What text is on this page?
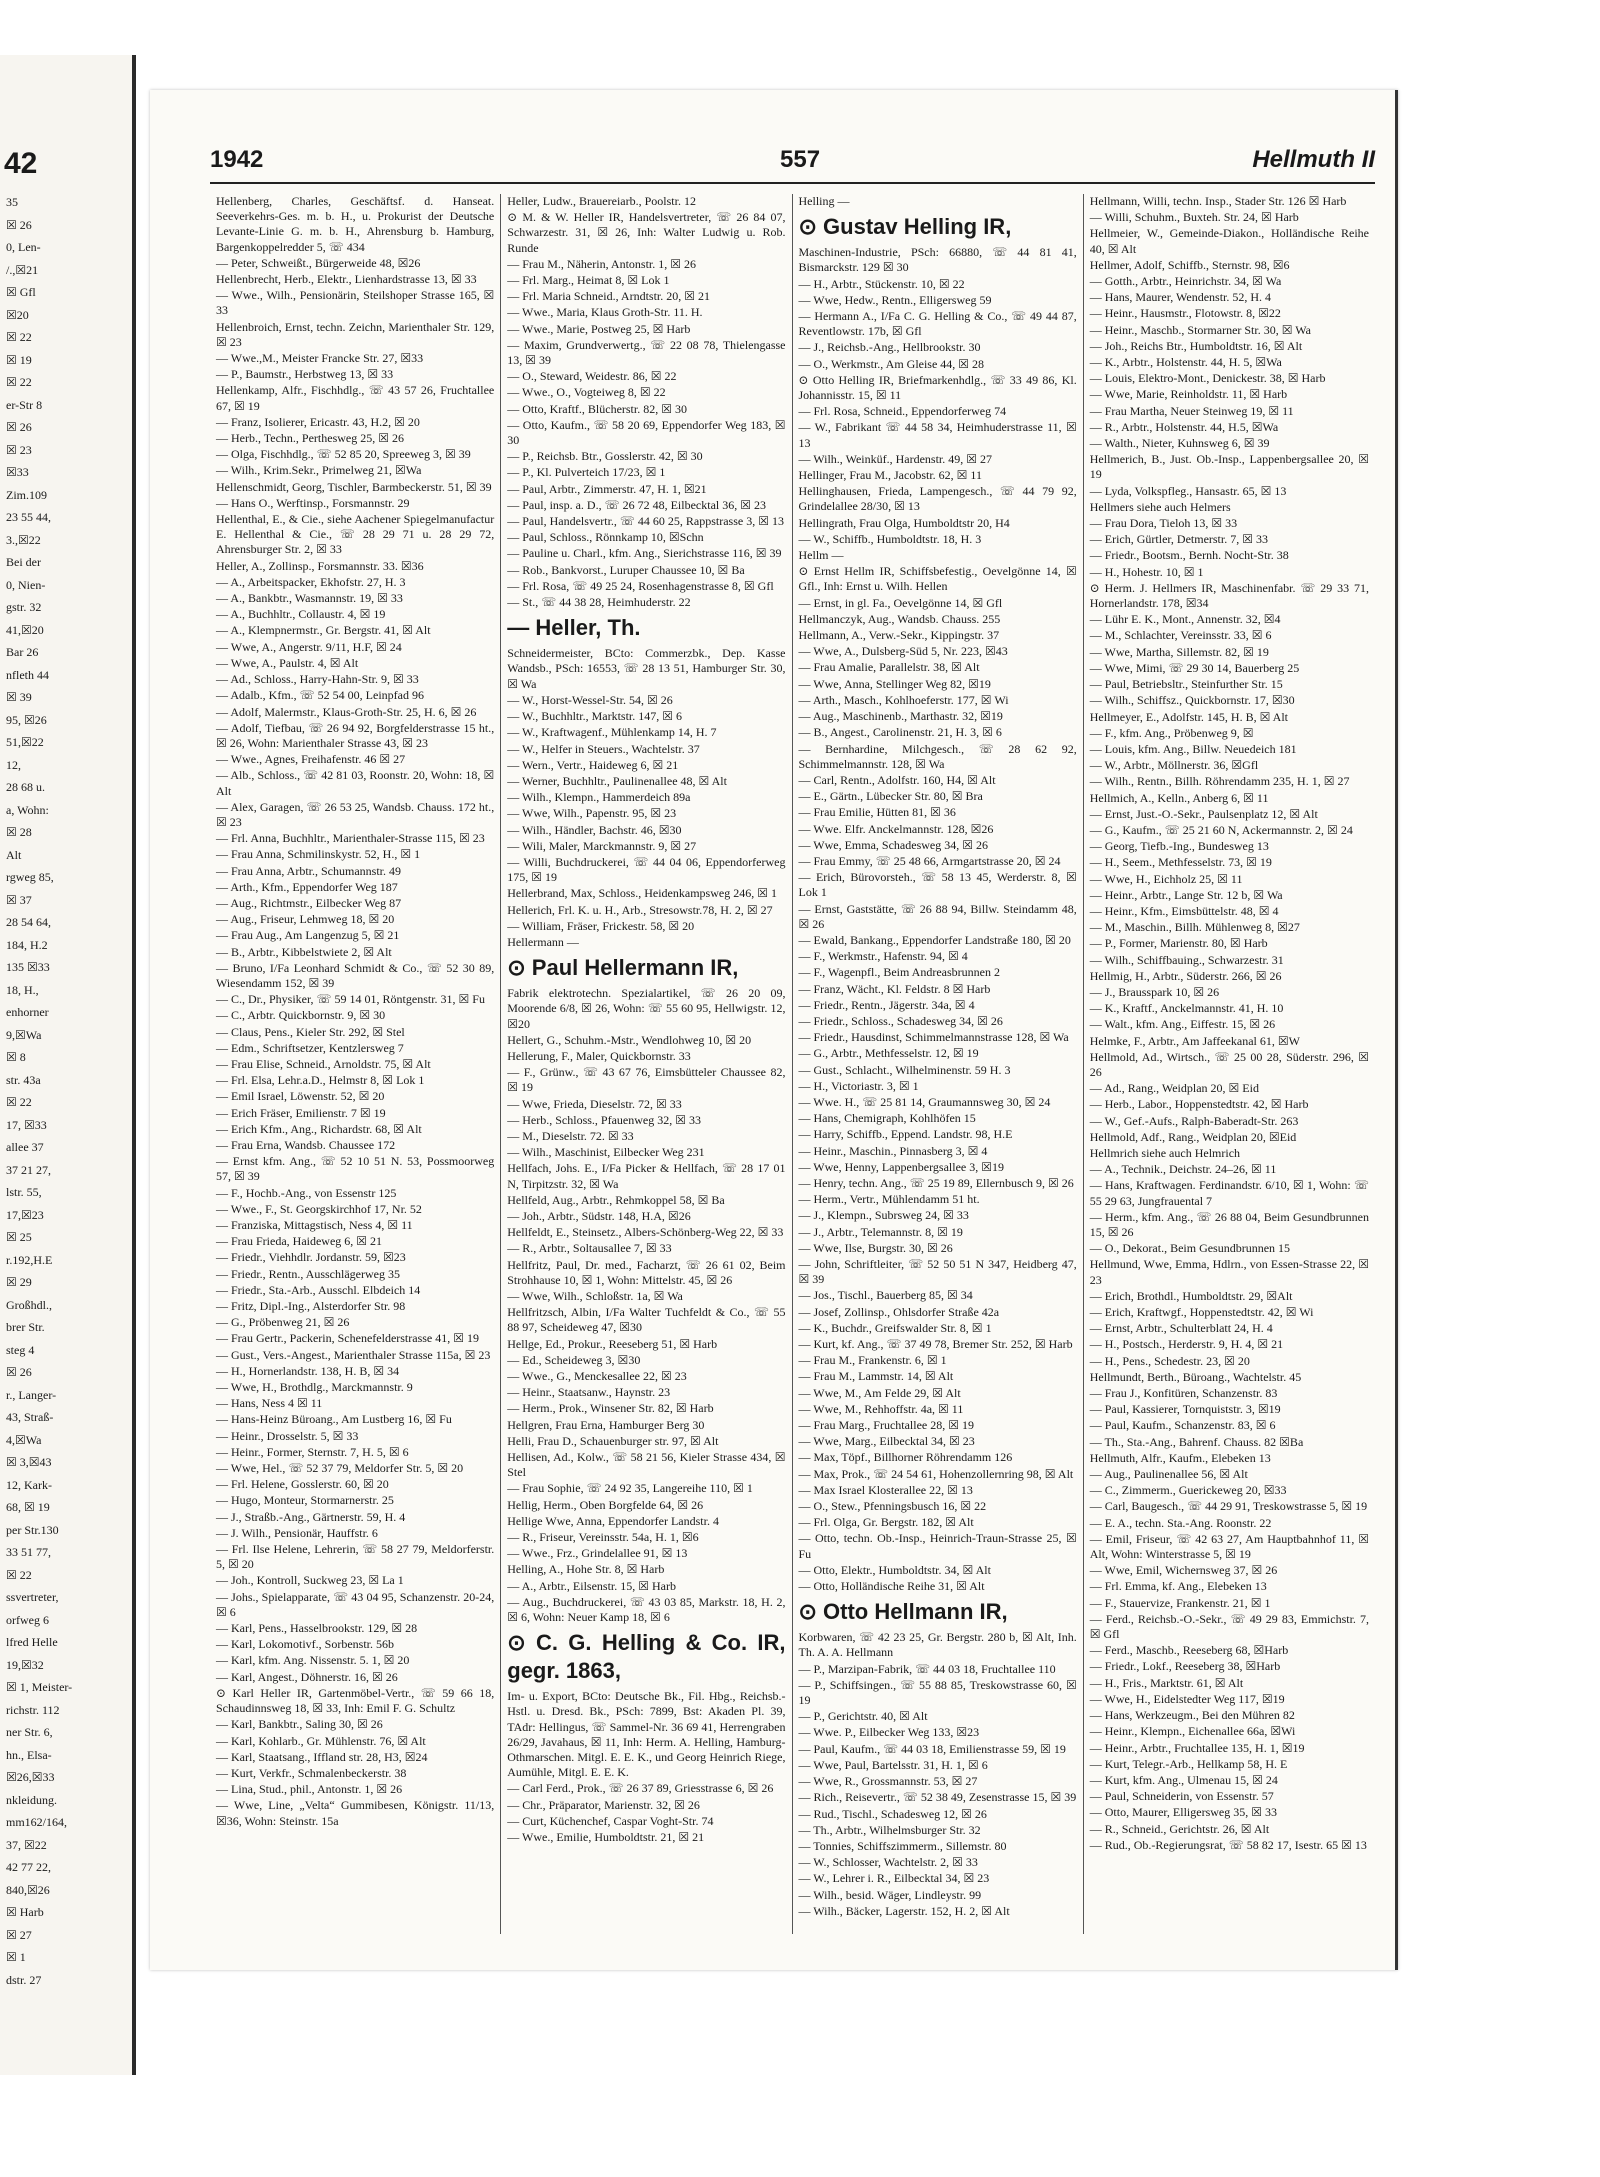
42
35
☒ 26
0, Len-
/.,☒21
☒ Gfl
☒20
☒ 22
☒ 19
☒ 22
er-Str 8
☒ 26
☒ 23
☒33
Zim.109
23 55 44,
3.,☒22
Bei der
0, Nien-
gstr. 32
41,☒20
Bar 26
nfleth 44
☒ 39
95, ☒26
51,☒22
12,
28 68 u.
a, Wohn:
☒ 28
Alt
rgweg 85,
☒ 37
28 54 64,
184, H.2
135 ☒33
18, H.,
enhorner
9,☒Wa
☒ 8
str. 43a
☒ 22
17, ☒33
allee 37
37 21 27,
lstr. 55,
17,☒23
☒ 25
r.192,H.E
☒ 29
Großhdl.,
brer Str.
steg 4
☒ 26
r., Langer-
43, Straß-
4,☒Wa
☒ 3,☒43
12, Kark-
68, ☒ 19
per Str.130
33 51 77,
☒ 22
ssvertreter,
orfweg 6
lfred Helle
19,☒32
☒ 1, Meister-
richstr. 112
ner Str. 6,
hn., Elsa-
☒26,☒33
nkleidung.
mm162/164,
37, ☒22
42 77 22,
840,☒26
☒ Harb
☒ 27
☒ 1
dstr. 27
1942	557	Hellmuth II

Hellenberg, Charles, Geschäftsf. d. Hanseat. Seeverkehrs-Ges. m. b. H., u. Prokurist der Deutsche Levante-Linie G. m. b. H., Ahrensburg b. Hamburg, Bargenkoppelredder 5, ☏ 434

— Peter, Schweißt., Bürgerweide 48, ☒26

Hellenbrecht, Herb., Elektr., Lienhardstrasse 13, ☒ 33

— Wwe., Wilh., Pensionärin, Steilshoper Strasse 165, ☒ 33

Hellenbroich, Ernst, techn. Zeichn, Marienthaler Str. 129, ☒ 23

— Wwe.,M., Meister Francke Str. 27, ☒33

— P., Baumstr., Herbstweg 13, ☒ 33

Hellenkamp, Alfr., Fischhdlg., ☏ 43 57 26, Fruchtallee 67, ☒ 19

— Franz, Isolierer, Ericastr. 43, H.2, ☒ 20

— Herb., Techn., Perthesweg 25, ☒ 26

— Olga, Fischhdlg., ☏ 52 85 20, Spreeweg 3, ☒ 39

— Wilh., Krim.Sekr., Primelweg 21, ☒Wa

Hellenschmidt, Georg, Tischler, Barmbeckerstr. 51, ☒ 39

— Hans O., Werftinsp., Forsmannstr. 29

Hellenthal, E., & Cie., siehe Aachener Spiegelmanufactur E. Hellenthal & Cie., ☏ 28 29 71 u. 28 29 72, Ahrensburger Str. 2, ☒ 33

Heller, A., Zollinsp., Forsmannstr. 33. ☒36

— A., Arbeitspacker, Ekhofstr. 27, H. 3

— A., Bankbtr., Wasmannstr. 19, ☒ 33

— A., Buchhltr., Collaustr. 4, ☒ 19

— A., Klempnermstr., Gr. Bergstr. 41, ☒ Alt

— Wwe, A., Angerstr. 9/11, H.F, ☒ 24

— Wwe, A., Paulstr. 4, ☒ Alt

— Ad., Schloss., Harry-Hahn-Str. 9, ☒ 33

— Adalb., Kfm., ☏ 52 54 00, Leinpfad 96

— Adolf, Malermstr., Klaus-Groth-Str. 25, H. 6, ☒ 26

— Adolf, Tiefbau, ☏ 26 94 92, Borgfelderstrasse 15 ht., ☒ 26, Wohn: Marienthaler Strasse 43, ☒ 23

— Wwe., Agnes, Freihafenstr. 46 ☒ 27

— Alb., Schloss., ☏ 42 81 03, Roonstr. 20, Wohn: 18, ☒ Alt

— Alex, Garagen, ☏ 26 53 25, Wandsb. Chauss. 172 ht., ☒ 23

— Frl. Anna, Buchhltr., Marienthaler-Strasse 115, ☒ 23

— Frau Anna, Schmilinskystr. 52, H., ☒ 1

— Frau Anna, Arbtr., Schumannstr. 49

— Arth., Kfm., Eppendorfer Weg 187

— Aug., Richtmstr., Eilbecker Weg 87

— Aug., Friseur, Lehmweg 18, ☒ 20

— Frau Aug., Am Langenzug 5, ☒ 21

— B., Arbtr., Kibbelstwiete 2, ☒ Alt

— Bruno, I/Fa Leonhard Schmidt & Co., ☏ 52 30 89, Wiesendamm 152, ☒ 39

— C., Dr., Physiker, ☏ 59 14 01, Röntgenstr. 31, ☒ Fu

— C., Arbtr. Quickbornstr. 9, ☒ 30

— Claus, Pens., Kieler Str. 292, ☒ Stel

— Edm., Schriftsetzer, Kentzlersweg 7

— Frau Elise, Schneid., Arnoldstr. 75, ☒ Alt

— Frl. Elsa, Lehr.a.D., Helmstr 8, ☒ Lok 1

— Emil Israel, Löwenstr. 52, ☒ 20

— Erich Fräser, Emilienstr. 7 ☒ 19

— Erich Kfm., Ang., Richardstr. 68, ☒ Alt

— Frau Erna, Wandsb. Chaussee 172

— Ernst kfm. Ang., ☏ 52 10 51 N. 53, Possmoorweg 57, ☒ 39

— F., Hochb.-Ang., von Essenstr 125

— Wwe., F., St. Georgskirchhof 17, Nr. 52

— Franziska, Mittagstisch, Ness 4, ☒ 11

— Frau Frieda, Haideweg 6, ☒ 21

— Friedr., Viehhdlr. Jordanstr. 59, ☒23

— Friedr., Rentn., Ausschlägerweg 35

— Friedr., Sta.-Arb., Ausschl. Elbdeich 14

— Fritz, Dipl.-Ing., Alsterdorfer Str. 98

— G., Pröbenweg 21, ☒ 26

— Frau Gertr., Packerin, Schenefelderstrasse 41, ☒ 19

— Gust., Vers.-Angest., Marienthaler Strasse 115a, ☒ 23

— H., Hornerlandstr. 138, H. B, ☒ 34

— Wwe, H., Brothdlg., Marckmannstr. 9

— Hans, Ness 4 ☒ 11

— Hans-Heinz Büroang., Am Lustberg 16, ☒ Fu

— Heinr., Drosselstr. 5, ☒ 33

— Heinr., Former, Sternstr. 7, H. 5, ☒ 6

— Wwe, Hel., ☏ 52 37 79, Meldorfer Str. 5, ☒ 20

— Frl. Helene, Gosslerstr. 60, ☒ 20

— Hugo, Monteur, Stormarnerstr. 25

— J., Straßb.-Ang., Gärtnerstr. 59, H. 4

— J. Wilh., Pensionär, Hauffstr. 6

— Frl. Ilse Helene, Lehrerin, ☏ 58 27 79, Meldorferstr. 5, ☒ 20

— Joh., Kontroll, Suckweg 23, ☒ La 1

— Johs., Spielapparate, ☏ 43 04 95, Schanzenstr. 20-24, ☒ 6

— Karl, Pens., Hasselbrookstr. 129, ☒ 28

— Karl, Lokomotivf., Sorbenstr. 56b

— Karl, kfm. Ang. Nissenstr. 5. 1, ☒ 20

— Karl, Angest., Döhnerstr. 16, ☒ 26

⊙ Karl Heller IR, Gartenmöbel-Vertr., ☏ 59 66 18, Schaudinnsweg 18, ☒ 33, Inh: Emil F. G. Schultz

— Karl, Bankbtr., Saling 30, ☒ 26

— Karl, Kohlarb., Gr. Mühlenstr. 76, ☒ Alt

— Karl, Staatsang., Iffland str. 28, H3, ☒24

— Kurt, Verkfr., Schmalenbeckerstr. 38

— Lina, Stud., phil., Antonstr. 1, ☒ 26

— Wwe, Line, „Velta“ Gummibesen, Königstr. 11/13, ☒36, Wohn: Steinstr. 15a

Heller, Ludw., Brauereiarb., Poolstr. 12

⊙ M. & W. Heller IR, Handelsvertreter, ☏ 26 84 07, Schwarzestr. 31, ☒ 26, Inh: Walter Ludwig u. Rob. Runde

— Frau M., Näherin, Antonstr. 1, ☒ 26

— Frl. Marg., Heimat 8, ☒ Lok 1

— Frl. Maria Schneid., Arndtstr. 20, ☒ 21

— Wwe., Maria, Klaus Groth-Str. 11. H.

— Wwe., Marie, Postweg 25, ☒ Harb

— Maxim, Grundverwertg., ☏ 22 08 78, Thielengasse 13, ☒ 39

— O., Steward, Weidestr. 86, ☒ 22

— Wwe., O., Vogteiweg 8, ☒ 22

— Otto, Kraftf., Blücherstr. 82, ☒ 30

— Otto, Kaufm., ☏ 58 20 69, Eppendorfer Weg 183, ☒ 30

— P., Reichsb. Btr., Gosslerstr. 42, ☒ 30

— P., Kl. Pulverteich 17/23, ☒ 1

— Paul, Arbtr., Zimmerstr. 47, H. 1, ☒21

— Paul, insp. a. D., ☏ 26 72 48, Eilbecktal 36, ☒ 23

— Paul, Handelsvertr., ☏ 44 60 25, Rappstrasse 3, ☒ 13

— Paul, Schloss., Rönnkamp 10, ☒Schn

— Pauline u. Charl., kfm. Ang., Sierichstrasse 116, ☒ 39

— Rob., Bankvorst., Luruper Chaussee 10, ☒ Ba

— Frl. Rosa, ☏ 49 25 24, Rosenhagenstrasse 8, ☒ Gfl

— St., ☏ 44 38 28, Heimhuderstr. 22

— Heller, Th.

Schneidermeister, BCto: Commerzbk., Dep. Kasse Wandsb., PSch: 16553, ☏ 28 13 51, Hamburger Str. 30, ☒ Wa

— W., Horst-Wessel-Str. 54, ☒ 26

— W., Buchhltr., Marktstr. 147, ☒ 6

— W., Kraftwagenf., Mühlenkamp 14, H. 7

— W., Helfer in Steuers., Wachtelstr. 37

— Wern., Vertr., Haideweg 6, ☒ 21

— Werner, Buchhltr., Paulinenallee 48, ☒ Alt

— Wilh., Klempn., Hammerdeich 89a

— Wwe, Wilh., Papenstr. 95, ☒ 23

— Wilh., Händler, Bachstr. 46, ☒30

— Wili, Maler, Marckmannstr. 9, ☒ 27

— Willi, Buchdruckerei, ☏ 44 04 06, Eppendorferweg 175, ☒ 19

Hellerbrand, Max, Schloss., Heidenkampsweg 246, ☒ 1

Hellerich, Frl. K. u. H., Arb., Stresowstr.78, H. 2, ☒ 27

— William, Fräser, Frickestr. 58, ☒ 20

Hellermann —

⊙ Paul Hellermann IR,

Fabrik elektrotechn. Spezialartikel, ☏ 26 20 09, Moorende 6/8, ☒ 26, Wohn: ☏ 55 60 95, Hellwigstr. 12, ☒20

Hellert, G., Schuhm.-Mstr., Wendlohweg 10, ☒ 20

Hellerung, F., Maler, Quickbornstr. 33

— F., Grünw., ☏ 43 67 76, Eimsbütteler Chaussee 82, ☒ 19

— Wwe, Frieda, Dieselstr. 72, ☒ 33

— Herb., Schloss., Pfauenweg 32, ☒ 33

— M., Dieselstr. 72. ☒ 33

— Wilh., Maschinist, Eilbecker Weg 231

Hellfach, Johs. E., I/Fa Picker & Hellfach, ☏ 28 17 01 N, Tirpitzstr. 32, ☒ Wa

Hellfeld, Aug., Arbtr., Rehmkoppel 58, ☒ Ba

— Joh., Arbtr., Südstr. 148, H.A, ☒26

Hellfeldt, E., Steinsetz., Albers-Schönberg-Weg 22, ☒ 33

— R., Arbtr., Soltausallee 7, ☒ 33

Hellfritz, Paul, Dr. med., Facharzt, ☏ 26 61 02, Beim Strohhause 10, ☒ 1, Wohn: Mittelstr. 45, ☒ 26

— Wwe, Wilh., Schloßstr. 1a, ☒ Wa

Hellfritzsch, Albin, I/Fa Walter Tuchfeldt & Co., ☏ 55 88 97, Scheideweg 47, ☒30

Hellge, Ed., Prokur., Reeseberg 51, ☒ Harb

— Ed., Scheideweg 3, ☒30

— Wwe., G., Menckesallee 22, ☒ 23

— Heinr., Staatsanw., Haynstr. 23

— Herm., Prok., Winsener Str. 82, ☒ Harb

Hellgren, Frau Erna, Hamburger Berg 30

Helli, Frau D., Schauenburger str. 97, ☒ Alt

Hellisen, Ad., Kolw., ☏ 58 21 56, Kieler Strasse 434, ☒ Stel

— Frau Sophie, ☏ 24 92 35, Langereihe 110, ☒ 1

Hellig, Herm., Oben Borgfelde 64, ☒ 26

Hellige Wwe, Anna, Eppendorfer Landstr. 4

— R., Friseur, Vereinsstr. 54a, H. 1, ☒6

— Wwe., Frz., Grindelallee 91, ☒ 13

Helling, A., Hohe Str. 8, ☒ Harb

— A., Arbtr., Eilsenstr. 15, ☒ Harb

— Aug., Buchdruckerei, ☏ 43 03 85, Markstr. 18, H. 2, ☒ 6, Wohn: Neuer Kamp 18, ☒ 6

⊙ C. G. Helling & Co. IR, gegr. 1863,

Im- u. Export, BCto: Deutsche Bk., Fil. Hbg., Reichsb.-Hstl. u. Dresd. Bk., PSch: 7899, Bst: Akaden Pl. 39, TAdr: Hellingus, ☏ Sammel-Nr. 36 69 41, Herrengraben 26/29, Javahaus, ☒ 11, Inh: Herm. A. Helling, Hamburg-Othmarschen. Mitgl. E. E. K., und Georg Heinrich Riege, Aumühle, Mitgl. E. E. K.

— Carl Ferd., Prok., ☏ 26 37 89, Griesstrasse 6, ☒ 26

— Chr., Präparator, Marienstr. 32, ☒ 26

— Curt, Küchenchef, Caspar Voght-Str. 74

— Wwe., Emilie, Humboldtstr. 21, ☒ 21

Helling —

⊙ Gustav Helling IR,

Maschinen-Industrie, PSch: 66880, ☏ 44 81 41, Bismarckstr. 129 ☒ 30

— H., Arbtr., Stückenstr. 10, ☒ 22

— Wwe, Hedw., Rentn., Elligersweg 59

— Hermann A., I/Fa C. G. Helling & Co., ☏ 49 44 87, Reventlowstr. 17b, ☒ Gfl

— J., Reichsb.-Ang., Hellbrookstr. 30

— O., Werkmstr., Am Gleise 44, ☒ 28

⊙ Otto Helling IR, Briefmarkenhdlg., ☏ 33 49 86, Kl. Johannisstr. 15, ☒ 11

— Frl. Rosa, Schneid., Eppendorferweg 74

— W., Fabrikant ☏ 44 58 34, Heimhuderstrasse 11, ☒ 13

— Wilh., Weinküf., Hardenstr. 49, ☒ 27

Hellinger, Frau M., Jacobstr. 62, ☒ 11

Hellinghausen, Frieda, Lampengesch., ☏ 44 79 92, Grindelallee 28/30, ☒ 13

Hellingrath, Frau Olga, Humboldtstr 20, H4

— W., Schiffb., Humboldtstr. 18, H. 3

Hellm —

⊙ Ernst Hellm IR, Schiffsbefestig., Oevelgönne 14, ☒ Gfl., Inh: Ernst u. Wilh. Hellen

— Ernst, in gl. Fa., Oevelgönne 14, ☒ Gfl

Hellmanczyk, Aug., Wandsb. Chauss. 255

Hellmann, A., Verw.-Sekr., Kippingstr. 37

— Wwe, A., Dulsberg-Süd 5, Nr. 223, ☒43

— Frau Amalie, Parallelstr. 38, ☒ Alt

— Wwe, Anna, Stellinger Weg 82, ☒19

— Arth., Masch., Kohlhoeferstr. 177, ☒ Wi

— Aug., Maschinenb., Marthastr. 32, ☒19

— B., Angest., Carolinenstr. 21, H. 3, ☒ 6

— Bernhardine, Milchgesch., ☏ 28 62 92, Schimmelmannstr. 128, ☒ Wa

— Carl, Rentn., Adolfstr. 160, H4, ☒ Alt

— E., Gärtn., Lübecker Str. 80, ☒ Bra

— Frau Emilie, Hütten 81, ☒ 36

— Wwe. Elfr. Anckelmannstr. 128, ☒26

— Wwe, Emma, Schadesweg 34, ☒ 26

— Frau Emmy, ☏ 25 48 66, Armgartstrasse 20, ☒ 24

— Erich, Bürovorsteh., ☏ 58 13 45, Werderstr. 8, ☒ Lok 1

— Ernst, Gaststätte, ☏ 26 88 94, Billw. Steindamm 48, ☒ 26

— Ewald, Bankang., Eppendorfer Landstraße 180, ☒ 20

— F., Werkmstr., Hafenstr. 94, ☒ 4

— F., Wagenpfl., Beim Andreasbrunnen 2

— Franz, Wächt., Kl. Feldstr. 8 ☒ Harb

— Friedr., Rentn., Jägerstr. 34a, ☒ 4

— Friedr., Schloss., Schadesweg 34, ☒ 26

— Friedr., Hausdinst, Schimmelmannstrasse 128, ☒ Wa

— G., Arbtr., Methfesselstr. 12, ☒ 19

— Gust., Schlacht., Wilhelminenstr. 59 H. 3

— H., Victoriastr. 3, ☒ 1

— Wwe. H., ☏ 25 81 14, Graumannsweg 30, ☒ 24

— Hans, Chemigraph, Kohlhöfen 15

— Harry, Schiffb., Eppend. Landstr. 98, H.E

— Heinr., Maschin., Pinnasberg 3, ☒ 4

— Wwe, Henny, Lappenbergsallee 3, ☒19

— Henry, techn. Ang., ☏ 25 19 89, Ellernbusch 9, ☒ 26

— Herm., Vertr., Mühlendamm 51 ht.

— J., Klempn., Subrsweg 24, ☒ 33

— J., Arbtr., Telemannstr. 8, ☒ 19

— Wwe, Ilse, Burgstr. 30, ☒ 26

— John, Schriftleiter, ☏ 52 50 51 N 347, Heidberg 47, ☒ 39

— Jos., Tischl., Bauerberg 85, ☒ 34

— Josef, Zollinsp., Ohlsdorfer Straße 42a

— K., Buchdr., Greifswalder Str. 8, ☒ 1

— Kurt, kf. Ang., ☏ 37 49 78, Bremer Str. 252, ☒ Harb

— Frau M., Frankenstr. 6, ☒ 1

— Frau M., Lammstr. 14, ☒ Alt

— Wwe, M., Am Felde 29, ☒ Alt

— Wwe, M., Rehhoffstr. 4a, ☒ 11

— Frau Marg., Fruchtallee 28, ☒ 19

— Wwe, Marg., Eilbecktal 34, ☒ 23

— Max, Töpf., Billhorner Röhrendamm 126

— Max, Prok., ☏ 24 54 61, Hohenzollernring 98, ☒ Alt

— Max Israel Klosterallee 22, ☒ 13

— O., Stew., Pfenningsbusch 16, ☒ 22

— Frl. Olga, Gr. Bergstr. 182, ☒ Alt

— Otto, techn. Ob.-Insp., Heinrich-Traun-Strasse 25, ☒ Fu

— Otto, Elektr., Humboldtstr. 34, ☒ Alt

— Otto, Holländische Reihe 31, ☒ Alt

⊙ Otto Hellmann IR,

Korbwaren, ☏ 42 23 25, Gr. Bergstr. 280 b, ☒ Alt, Inh. Th. A. A. Hellmann

— P., Marzipan-Fabrik, ☏ 44 03 18, Fruchtallee 110

— P., Schiffsingen., ☏ 55 88 85, Treskowstrasse 60, ☒ 19

— P., Gerichtstr. 40, ☒ Alt

— Wwe. P., Eilbecker Weg 133, ☒23

— Paul, Kaufm., ☏ 44 03 18, Emilienstrasse 59, ☒ 19

— Wwe, Paul, Bartelsstr. 31, H. 1, ☒ 6

— Wwe, R., Grossmannstr. 53, ☒ 27

— Rich., Reisevertr., ☏ 52 38 49, Zesenstrasse 15, ☒ 39

— Rud., Tischl., Schadesweg 12, ☒ 26

— Th., Arbtr., Wilhelmsburger Str. 32

— Tonnies, Schiffszimmerm., Sillemstr. 80

— W., Schlosser, Wachtelstr. 2, ☒ 33

— W., Lehrer i. R., Eilbecktal 34, ☒ 23

— Wilh., besid. Wäger, Lindleystr. 99

— Wilh., Bäcker, Lagerstr. 152, H. 2, ☒ Alt

Hellmann, Willi, techn. Insp., Stader Str. 126 ☒ Harb

— Willi, Schuhm., Buxteh. Str. 24, ☒ Harb

Hellmeier, W., Gemeinde-Diakon., Holländische Reihe 40, ☒ Alt

Hellmer, Adolf, Schiffb., Sternstr. 98, ☒6

— Gotth., Arbtr., Heinrichstr. 34, ☒ Wa

— Hans, Maurer, Wendenstr. 52, H. 4

— Heinr., Hausmstr., Flotowstr. 8, ☒22

— Heinr., Maschb., Stormarner Str. 30, ☒ Wa

— Joh., Reichs Btr., Humboldtstr. 16, ☒ Alt

— K., Arbtr., Holstenstr. 44, H. 5, ☒Wa

— Louis, Elektro-Mont., Denickestr. 38, ☒ Harb

— Wwe, Marie, Reinholdstr. 11, ☒ Harb

— Frau Martha, Neuer Steinweg 19, ☒ 11

— R., Arbtr., Holstenstr. 44, H.5, ☒Wa

— Walth., Nieter, Kuhnsweg 6, ☒ 39

Hellmerich, B., Just. Ob.-Insp., Lappenbergsallee 20, ☒ 19

— Lyda, Volkspfleg., Hansastr. 65, ☒ 13

Hellmers siehe auch Helmers

— Frau Dora, Tieloh 13, ☒ 33

— Erich, Gürtler, Detmerstr. 7, ☒ 33

— Friedr., Bootsm., Bernh. Nocht-Str. 38

— H., Hohestr. 10, ☒ 1

⊙ Herm. J. Hellmers IR, Maschinenfabr. ☏ 29 33 71, Hornerlandstr. 178, ☒34

— Lühr E. K., Mont., Annenstr. 32, ☒4

— M., Schlachter, Vereinsstr. 33, ☒ 6

— Wwe, Martha, Sillemstr. 82, ☒ 19

— Wwe, Mimi, ☏ 29 30 14, Bauerberg 25

— Paul, Betriebsltr., Steinfurther Str. 15

— Wilh., Schiffsz., Quickbornstr. 17, ☒30

Hellmeyer, E., Adolfstr. 145, H. B, ☒ Alt

— F., kfm. Ang., Pröbenweg 9, ☒

— Louis, kfm. Ang., Billw. Neuedeich 181

— W., Arbtr., Möllnerstr. 36, ☒Gfl

— Wilh., Rentn., Billh. Röhrendamm 235, H. 1, ☒ 27

Hellmich, A., Kelln., Anberg 6, ☒ 11

— Ernst, Just.-O.-Sekr., Paulsenplatz 12, ☒ Alt

— G., Kaufm., ☏ 25 21 60 N, Ackermannstr. 2, ☒ 24

— Georg, Tiefb.-Ing., Bundesweg 13

— H., Seem., Methfesselstr. 73, ☒ 19

— Wwe, H., Eichholz 25, ☒ 11

— Heinr., Arbtr., Lange Str. 12 b, ☒ Wa

— Heinr., Kfm., Eimsbüttelstr. 48, ☒ 4

— M., Maschin., Billh. Mühlenweg 8, ☒27

— P., Former, Marienstr. 80, ☒ Harb

— Wilh., Schiffbauing., Schwarzestr. 31

Hellmig, H., Arbtr., Süderstr. 266, ☒ 26

— J., Brausspark 10, ☒ 26

— K., Kraftf., Anckelmannstr. 41, H. 10

— Walt., kfm. Ang., Eiffestr. 15, ☒ 26

Helmke, F., Arbtr., Am Jaffeekanal 61, ☒W

Hellmold, Ad., Wirtsch., ☏ 25 00 28, Süderstr. 296, ☒ 26

— Ad., Rang., Weidplan 20, ☒ Eid

— Herb., Labor., Hoppenstedtstr. 42, ☒ Harb

— W., Gef.-Aufs., Ralph-Baberadt-Str. 263

Hellmold, Adf., Rang., Weidplan 20, ☒Eid

Hellmrich siehe auch Helmrich

— A., Technik., Deichstr. 24–26, ☒ 11

— Hans, Kraftwagen. Ferdinandstr. 6/10, ☒ 1, Wohn: ☏ 55 29 63, Jungfrauental 7

— Herm., kfm. Ang., ☏ 26 88 04, Beim Gesundbrunnen 15, ☒ 26

— O., Dekorat., Beim Gesundbrunnen 15

Hellmund, Wwe, Emma, Hdlrn., von Essen-Strasse 22, ☒ 23

— Erich, Brothdl., Humboldtstr. 29, ☒Alt

— Erich, Kraftwgf., Hoppenstedtstr. 42, ☒ Wi

— Ernst, Arbtr., Schulterblatt 24, H. 4

— H., Postsch., Herderstr. 9, H. 4, ☒ 21

— H., Pens., Schedestr. 23, ☒ 20

Hellmundt, Berth., Büroang., Wachtelstr. 45

— Frau J., Konfitüren, Schanzenstr. 83

— Paul, Kassierer, Tornquiststr. 3, ☒19

— Paul, Kaufm., Schanzenstr. 83, ☒ 6

— Th., Sta.-Ang., Bahrenf. Chauss. 82 ☒Ba

Hellmuth, Alfr., Kaufm., Elebeken 13

— Aug., Paulinenallee 56, ☒ Alt

— C., Zimmerm., Guerickeweg 20, ☒33

— Carl, Baugesch., ☏ 44 29 91, Treskowstrasse 5, ☒ 19

— E. A., techn. Sta.-Ang. Roonstr. 22

— Emil, Friseur, ☏ 42 63 27, Am Hauptbahnhof 11, ☒ Alt, Wohn: Winterstrasse 5, ☒ 19

— Wwe, Emil, Wichernsweg 37, ☒ 26

— Frl. Emma, kf. Ang., Elebeken 13

— F., Stauervize, Frankenstr. 21, ☒ 1

— Ferd., Reichsb.-O.-Sekr., ☏ 49 29 83, Emmichstr. 7, ☒ Gfl

— Ferd., Maschb., Reeseberg 68, ☒Harb

— Friedr., Lokf., Reeseberg 38, ☒Harb

— H., Fris., Marktstr. 61, ☒ Alt

— Wwe, H., Eidelstedter Weg 117, ☒19

— Hans, Werkzeugm., Bei den Mühren 82

— Heinr., Klempn., Eichenallee 66a, ☒Wi

— Heinr., Arbtr., Fruchtallee 135, H. 1, ☒19

— Kurt, Telegr.-Arb., Hellkamp 58, H. E

— Kurt, kfm. Ang., Ulmenau 15, ☒ 24

— Paul, Schneiderin, von Essenstr. 57

— Otto, Maurer, Elligersweg 35, ☒ 33

— R., Schneid., Gerichtstr. 26, ☒ Alt

— Rud., Ob.-Regierungsrat, ☏ 58 82 17, Isestr. 65 ☒ 13
